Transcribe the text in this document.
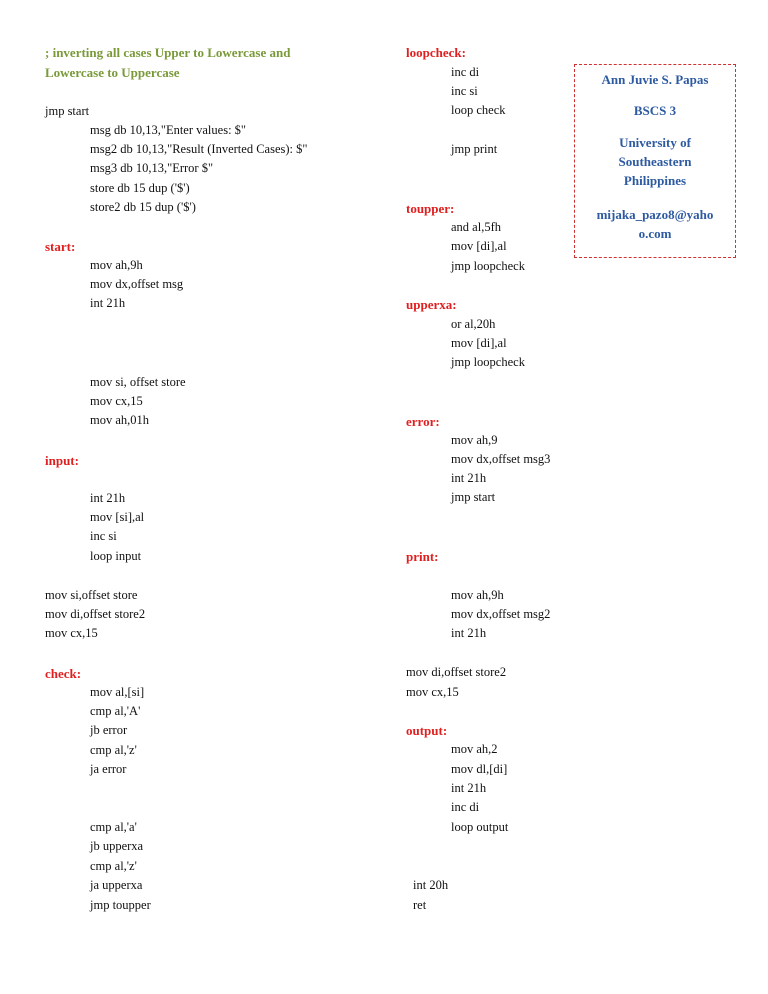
; inverting all cases Upper to Lowercase and
Lowercase to Uppercase
jmp start
msg db 10,13,"Enter values: $"
msg2 db 10,13,"Result (Inverted Cases): $"
msg3 db 10,13,"Error $"
store db 15 dup ('$')
store2 db 15 dup ('$')
start:
mov ah,9h
mov dx,offset msg
int 21h
mov si, offset store
mov cx,15
mov ah,01h
input:
int 21h
mov [si],al
inc si
loop input
mov si,offset store
mov di,offset store2
mov cx,15
check:
mov al,[si]
cmp al,'A'
jb error
cmp al,'z'
ja error
cmp al,'a'
jb upperxa
cmp al,'z'
ja upperxa
jmp toupper
loopcheck:
inc di
inc si
loop check
jmp print
toupper:
and al,5fh
mov [di],al
jmp loopcheck
upperxa:
or al,20h
mov [di],al
jmp loopcheck
error:
mov ah,9
mov dx,offset msg3
int 21h
jmp start
print:
mov ah,9h
mov dx,offset msg2
int 21h
mov di,offset store2
mov cx,15
output:
mov ah,2
mov dl,[di]
int 21h
inc di
loop output
int 20h
ret
Ann Juvie S. Papas
BSCS 3
University of
Southeastern
Philippines
mijaka_pazo8@yaho
o.com
